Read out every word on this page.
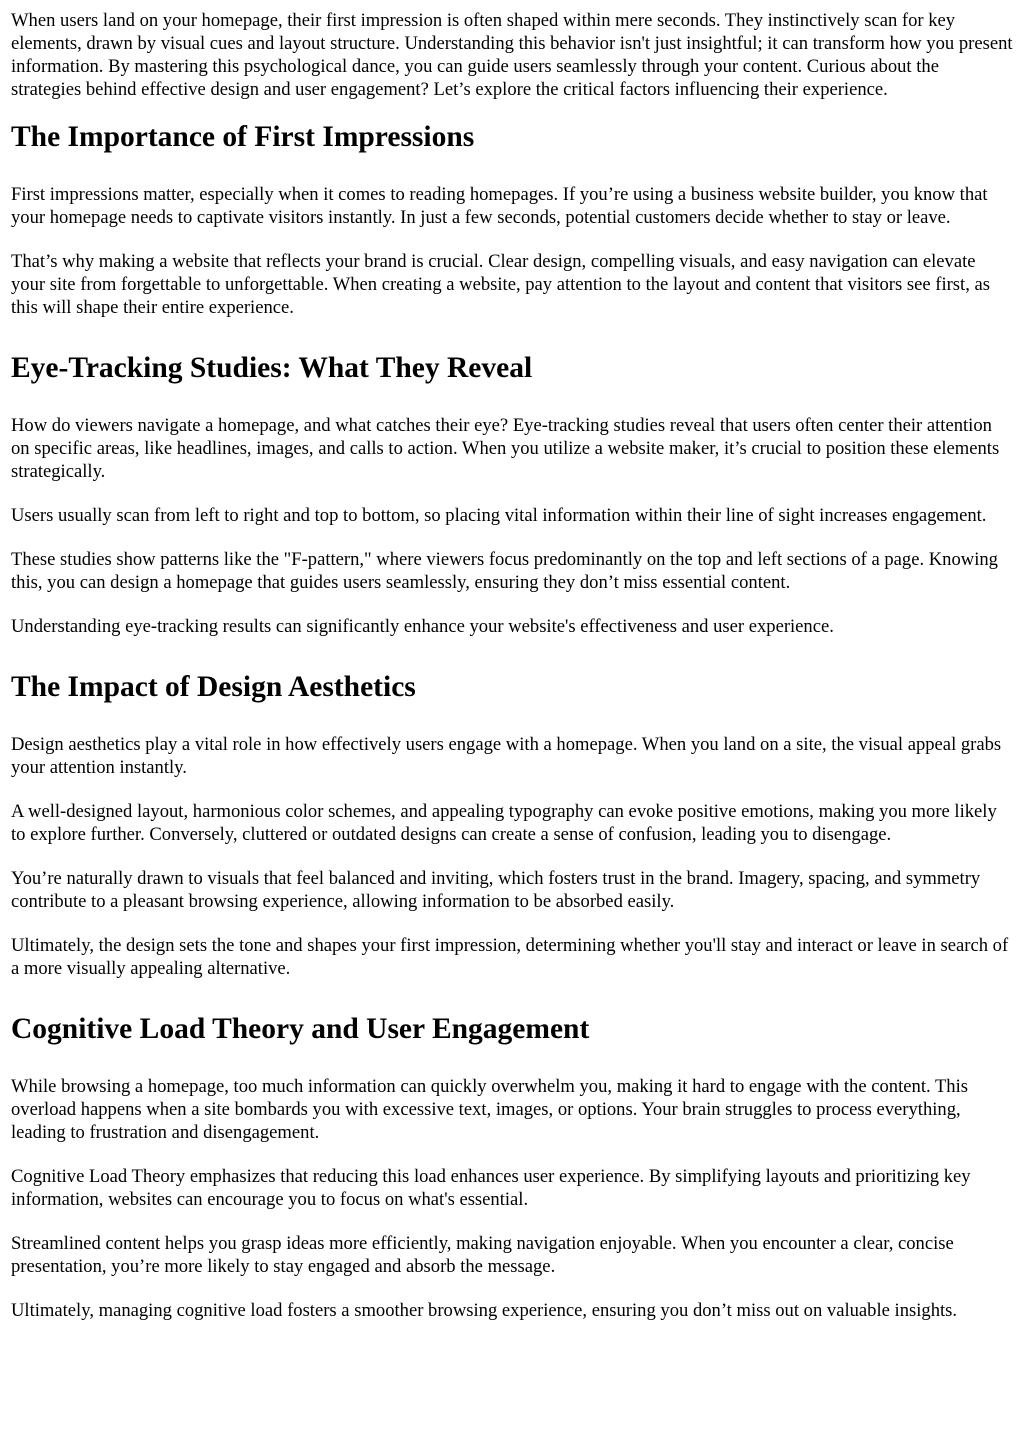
When users land on your homepage, their first impression is often shaped within mere seconds. They instinctively scan for key elements, drawn by visual cues and layout structure. Understanding this behavior isn't just insightful; it can transform how you present information. By mastering this psychological dance, you can guide users seamlessly through your content. Curious about the strategies behind effective design and user engagement? Let’s explore the critical factors influencing their experience.

The Importance of First Impressions

First impressions matter, especially when it comes to reading homepages. If you’re using a business website builder, you know that your homepage needs to captivate visitors instantly. In just a few seconds, potential customers decide whether to stay or leave.

That’s why making a website that reflects your brand is crucial. Clear design, compelling visuals, and easy navigation can elevate your site from forgettable to unforgettable. When creating a website, pay attention to the layout and content that visitors see first, as this will shape their entire experience.

Eye-Tracking Studies: What They Reveal

How do viewers navigate a homepage, and what catches their eye? Eye-tracking studies reveal that users often center their attention on specific areas, like headlines, images, and calls to action. When you utilize a website maker, it’s crucial to position these elements strategically.

Users usually scan from left to right and top to bottom, so placing vital information within their line of sight increases engagement.

These studies show patterns like the "F-pattern," where viewers focus predominantly on the top and left sections of a page. Knowing this, you can design a homepage that guides users seamlessly, ensuring they don’t miss essential content.

Understanding eye-tracking results can significantly enhance your website's effectiveness and user experience.

The Impact of Design Aesthetics

Design aesthetics play a vital role in how effectively users engage with a homepage. When you land on a site, the visual appeal grabs your attention instantly.

A well-designed layout, harmonious color schemes, and appealing typography can evoke positive emotions, making you more likely to explore further. Conversely, cluttered or outdated designs can create a sense of confusion, leading you to disengage.

You’re naturally drawn to visuals that feel balanced and inviting, which fosters trust in the brand. Imagery, spacing, and symmetry contribute to a pleasant browsing experience, allowing information to be absorbed easily.

Ultimately, the design sets the tone and shapes your first impression, determining whether you'll stay and interact or leave in search of a more visually appealing alternative.

Cognitive Load Theory and User Engagement

While browsing a homepage, too much information can quickly overwhelm you, making it hard to engage with the content. This overload happens when a site bombards you with excessive text, images, or options. Your brain struggles to process everything, leading to frustration and disengagement.

Cognitive Load Theory emphasizes that reducing this load enhances user experience. By simplifying layouts and prioritizing key information, websites can encourage you to focus on what's essential.

Streamlined content helps you grasp ideas more efficiently, making navigation enjoyable. When you encounter a clear, concise presentation, you’re more likely to stay engaged and absorb the message.

Ultimately, managing cognitive load fosters a smoother browsing experience, ensuring you don’t miss out on valuable insights.
